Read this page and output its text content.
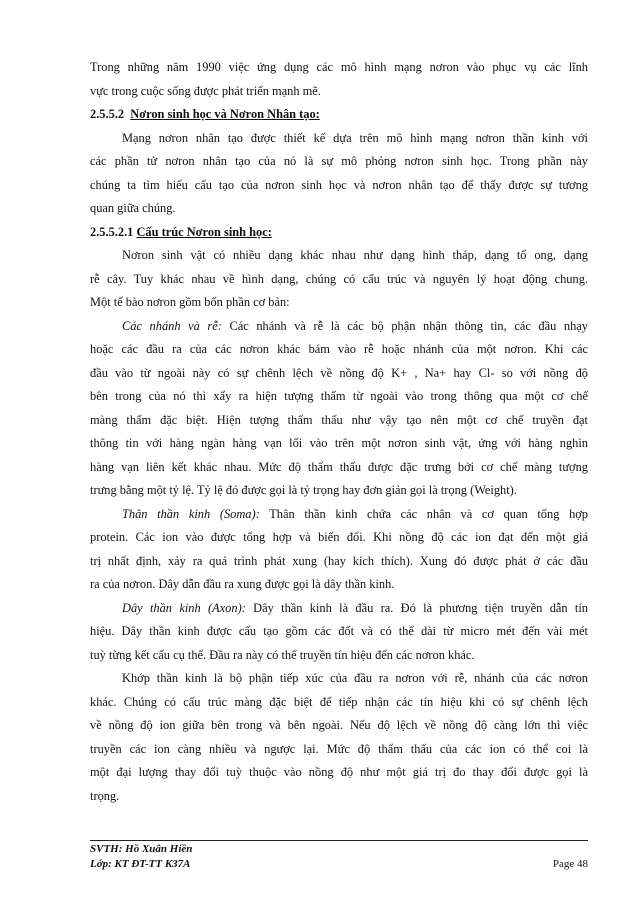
Trong những năm 1990 việc ứng dụng các mô hình mạng nơron vào phục vụ các lĩnh

vực trong cuộc sống được phát triển mạnh mẽ.

2.5.5.2 Nơron sinh học và Nơron Nhân tạo:

Mạng nơron nhân tạo được thiết kế dựa trên mô hình mạng nơron thần kinh với

các phần tử nơron nhân tạo của nó là sự mô phỏng nơron sinh học. Trong phần này

chúng ta tìm hiểu cấu tạo của nơron sinh học và nơron nhân tạo để thấy được sự tương

quan giữa chúng.

2.5.5.2.1 Cấu trúc Nơron sinh học:

Nơron sinh vật có nhiều dạng khác nhau như dạng hình tháp, dạng tổ ong, dạng

rễ cây. Tuy khác nhau về hình dạng, chúng có cấu trúc và nguyên lý hoạt động chung.

Một tế bào nơron gồm bốn phần cơ bản:

Các nhánh và rễ: Các nhánh và rễ là các bộ phận nhận thông tin, các đầu nhạy

hoặc các đầu ra của các nơron khác bám vào rễ hoặc nhánh của một nơron. Khi các

đầu vào từ ngoài này có sự chênh lệch về nồng độ K+ , Na+ hay Cl- so với nồng độ

bên trong của nó thì xẩy ra hiện tượng thấm từ ngoài vào trong thông qua một cơ chế

màng thấm đặc biệt. Hiện tượng thấm thấu như vậy tạo nên một cơ chế truyền đạt

thông tin với hàng ngàn hàng vạn lối vào trên một nơron sinh vật, ứng với hàng nghìn

hàng vạn liên kết khác nhau. Mức độ thẩm thấu được đặc trưng bởi cơ chế màng tượng

trưng bằng một tỷ lệ. Tỷ lệ đó được gọi là tỷ trọng hay đơn giản gọi là trọng (Weight).

Thân thần kinh (Soma): Thân thần kinh chứa các nhân và cơ quan tổng hợp

protein. Các ion vào được tổng hợp và biến đổi. Khi nồng độ các ion đạt đến một giá

trị nhất định, xảy ra quá trình phát xung (hay kích thích). Xung đó được phát ở các đầu

ra của nơron. Dây dẫn đầu ra xung được gọi là dây thần kinh.

Dây thần kinh (Axon): Dây thần kinh là đầu ra. Đó là phương tiện truyền dẫn tín

hiệu. Dây thần kinh được cấu tạo gồm các đốt và có thể dài từ micro mét đến vài mét

tuỳ từng kết cấu cụ thể. Đầu ra này có thể truyền tín hiệu đến các nơron khác.

Khớp thần kinh là bộ phận tiếp xúc của đầu ra nơron với rễ, nhánh của các nơron

khác. Chúng có cấu trúc màng đặc biệt để tiếp nhận các tín hiệu khi có sự chênh lệch

về nồng độ ion giữa bên trong và bên ngoài. Nếu độ lệch về nồng độ càng lớn thì việc

truyền các ion càng nhiều và ngược lại. Mức độ thẩm thấu của các ion có thể coi là

một đại lượng thay đổi tuỳ thuộc vào nồng độ như một giá trị đo thay đổi được gọi là

trọng.

SVTH: Hồ Xuân Hiền
Lớp: KT ĐT-TT K37A	Page 48
